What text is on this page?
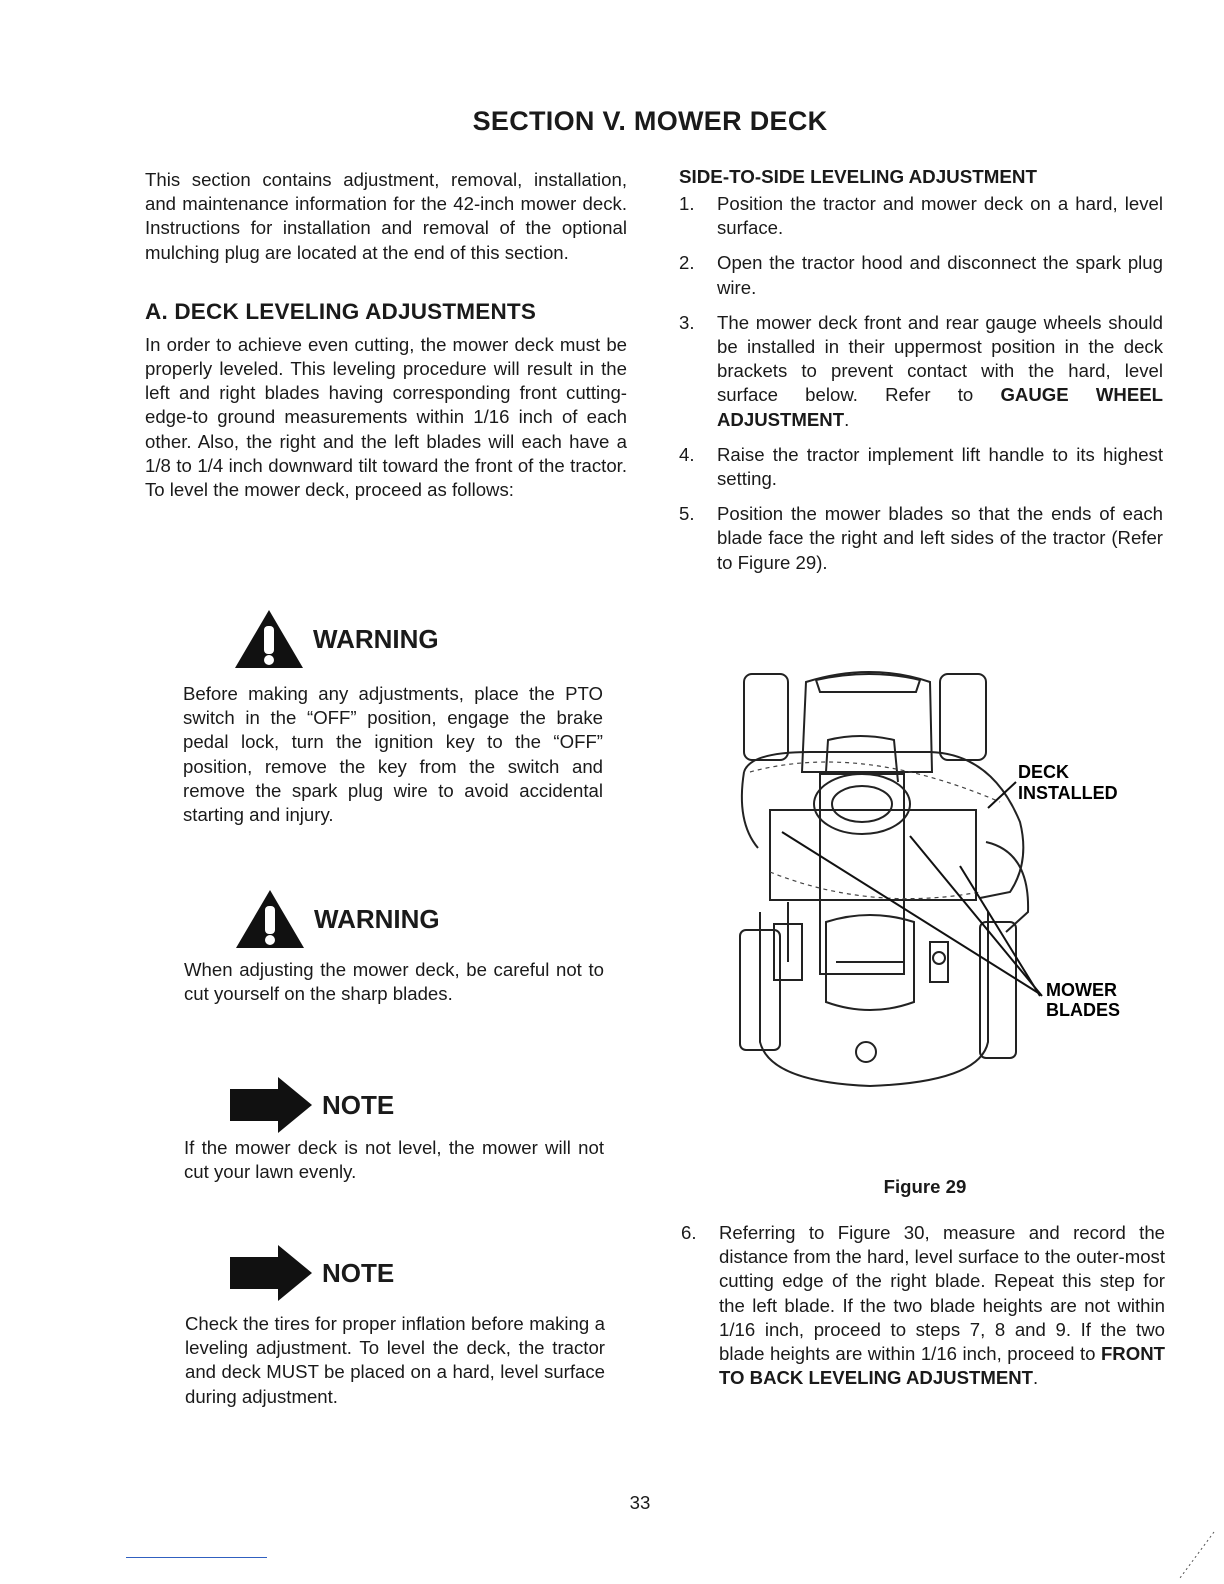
SECTION V. MOWER DECK

This section contains adjustment, removal, installation, and maintenance information for the 42-inch mower deck. Instructions for installation and removal of the optional mulching plug are located at the end of this section.

A. DECK LEVELING ADJUSTMENTS

In order to achieve even cutting, the mower deck must be properly leveled. This leveling procedure will result in the left and right blades having corresponding front cutting-edge-to ground measurements within 1/16 inch of each other. Also, the right and the left blades will each have a 1/8 to 1/4 inch downward tilt toward the front of the tractor. To level the mower deck, proceed as follows:

WARNING

Before making any adjustments, place the PTO switch in the “OFF” position, engage the brake pedal lock, turn the ignition key to the “OFF” position, remove the key from the switch and remove the spark plug wire to avoid accidental starting and injury.

WARNING

When adjusting the mower deck, be careful not to cut yourself on the sharp blades.

NOTE

If the mower deck is not level, the mower will not cut your lawn evenly.

NOTE

Check the tires for proper inflation before making a leveling adjustment. To level the deck, the tractor and deck MUST be placed on a hard, level surface during adjustment.

SIDE-TO-SIDE LEVELING ADJUSTMENT
1. Position the tractor and mower deck on a hard, level surface.
2. Open the tractor hood and disconnect the spark plug wire.
3. The mower deck front and rear gauge wheels should be installed in their uppermost position in the deck brackets to prevent contact with the hard, level surface below. Refer to GAUGE WHEEL ADJUSTMENT.
4. Raise the tractor implement lift handle to its highest setting.
5. Position the mower blades so that the ends of each blade face the right and left sides of the tractor (Refer to Figure 29).
DECK
INSTALLED
MOWER
BLADES
Figure 29
6. Referring to Figure 30, measure and record the distance from the hard, level surface to the outer-most cutting edge of the right blade. Repeat this step for the left blade. If the two blade heights are not within 1/16 inch, proceed to steps 7, 8 and 9. If the two blade heights are within 1/16 inch, proceed to FRONT TO BACK LEVELING ADJUSTMENT.
33
